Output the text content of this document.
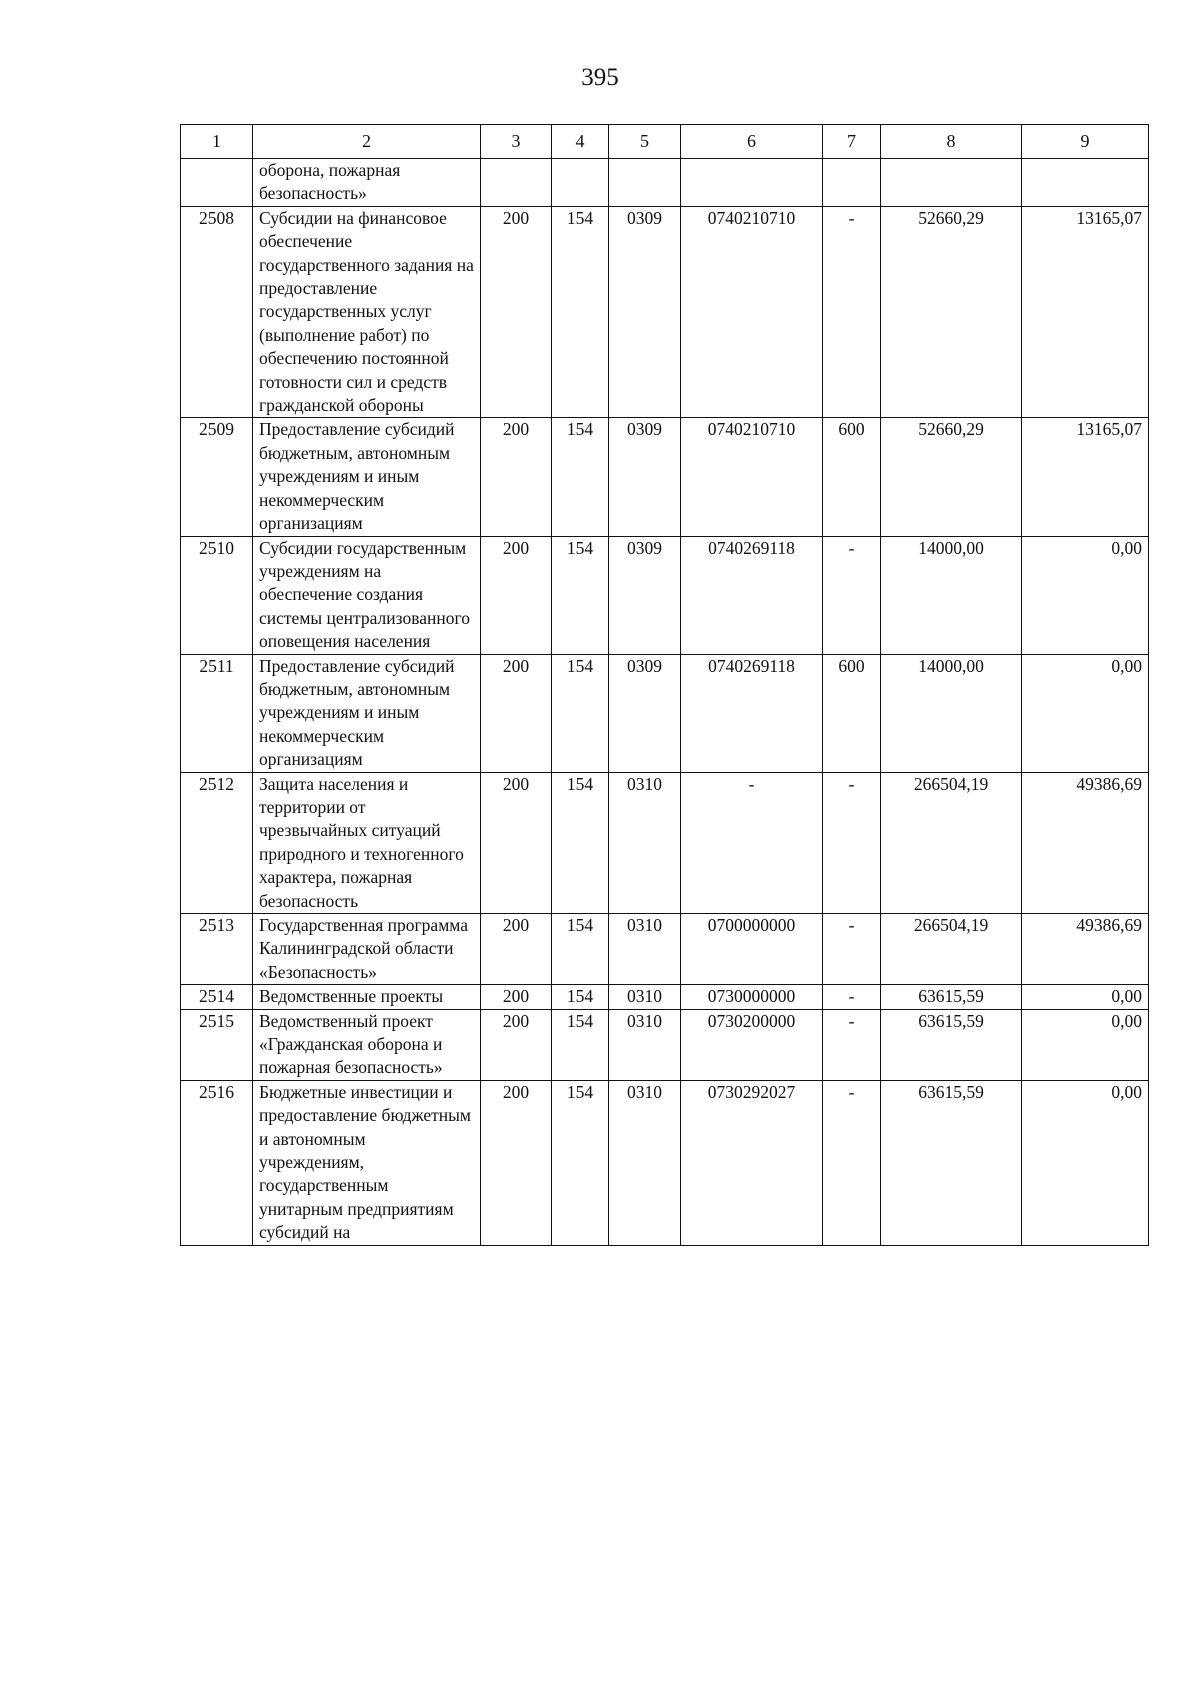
395
1	2	3	4	5	6	7	8	9
	оборона, пожарная безопасность»							
2508	Субсидии на финансовое обеспечение государственного задания на предоставление государственных услуг (выполнение работ) по обеспечению постоянной готовности сил и средств гражданской обороны	200	154	0309	0740210710	-	52660,29	13165,07
2509	Предоставление субсидий бюджетным, автономным учреждениям и иным некоммерческим организациям	200	154	0309	0740210710	600	52660,29	13165,07
2510	Субсидии государственным учреждениям на обеспечение создания системы централизованного оповещения населения	200	154	0309	0740269118	-	14000,00	0,00
2511	Предоставление субсидий бюджетным, автономным учреждениям и иным некоммерческим организациям	200	154	0309	0740269118	600	14000,00	0,00
2512	Защита населения и территории от чрезвычайных ситуаций природного и техногенного характера, пожарная безопасность	200	154	0310	-	-	266504,19	49386,69
2513	Государственная программа Калининградской области «Безопасность»	200	154	0310	0700000000	-	266504,19	49386,69
2514	Ведомственные проекты	200	154	0310	0730000000	-	63615,59	0,00
2515	Ведомственный проект «Гражданская оборона и пожарная безопасность»	200	154	0310	0730200000	-	63615,59	0,00
2516	Бюджетные инвестиции и предоставление бюджетным и автономным учреждениям, государственным унитарным предприятиям субсидий на	200	154	0310	0730292027	-	63615,59	0,00
